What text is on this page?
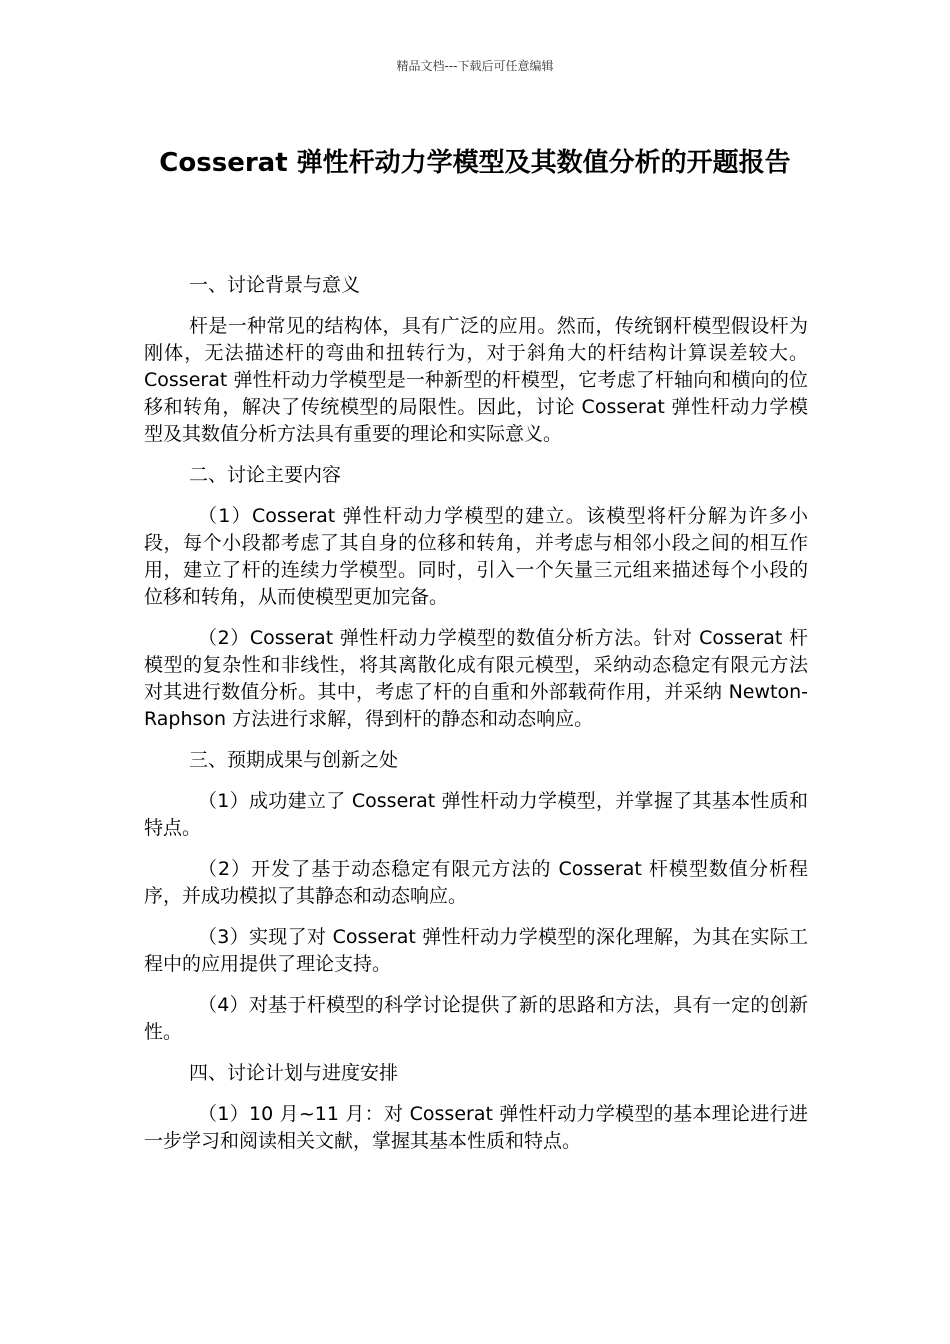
精品文档---下载后可任意编辑
Cosserat 弹性杆动力学模型及其数值分析的开题报告

一、讨论背景与意义

杆是一种常见的结构体，具有广泛的应用。然而，传统钢杆模型假设杆为刚体，无法描述杆的弯曲和扭转行为，对于斜角大的杆结构计算误差较大。Cosserat 弹性杆动力学模型是一种新型的杆模型，它考虑了杆轴向和横向的位移和转角，解决了传统模型的局限性。因此，讨论 Cosserat 弹性杆动力学模型及其数值分析方法具有重要的理论和实际意义。

二、讨论主要内容

（1）Cosserat 弹性杆动力学模型的建立。该模型将杆分解为许多小段，每个小段都考虑了其自身的位移和转角，并考虑与相邻小段之间的相互作用，建立了杆的连续力学模型。同时，引入一个矢量三元组来描述每个小段的位移和转角，从而使模型更加完备。

（2）Cosserat 弹性杆动力学模型的数值分析方法。针对 Cosserat 杆模型的复杂性和非线性，将其离散化成有限元模型，采纳动态稳定有限元方法对其进行数值分析。其中，考虑了杆的自重和外部载荷作用，并采纳 Newton-Raphson 方法进行求解，得到杆的静态和动态响应。

三、预期成果与创新之处

（1）成功建立了 Cosserat 弹性杆动力学模型，并掌握了其基本性质和特点。

（2）开发了基于动态稳定有限元方法的 Cosserat 杆模型数值分析程序，并成功模拟了其静态和动态响应。

（3）实现了对 Cosserat 弹性杆动力学模型的深化理解，为其在实际工程中的应用提供了理论支持。

（4）对基于杆模型的科学讨论提供了新的思路和方法，具有一定的创新性。

四、讨论计划与进度安排

（1）10 月~11 月：对 Cosserat 弹性杆动力学模型的基本理论进行进一步学习和阅读相关文献，掌握其基本性质和特点。
